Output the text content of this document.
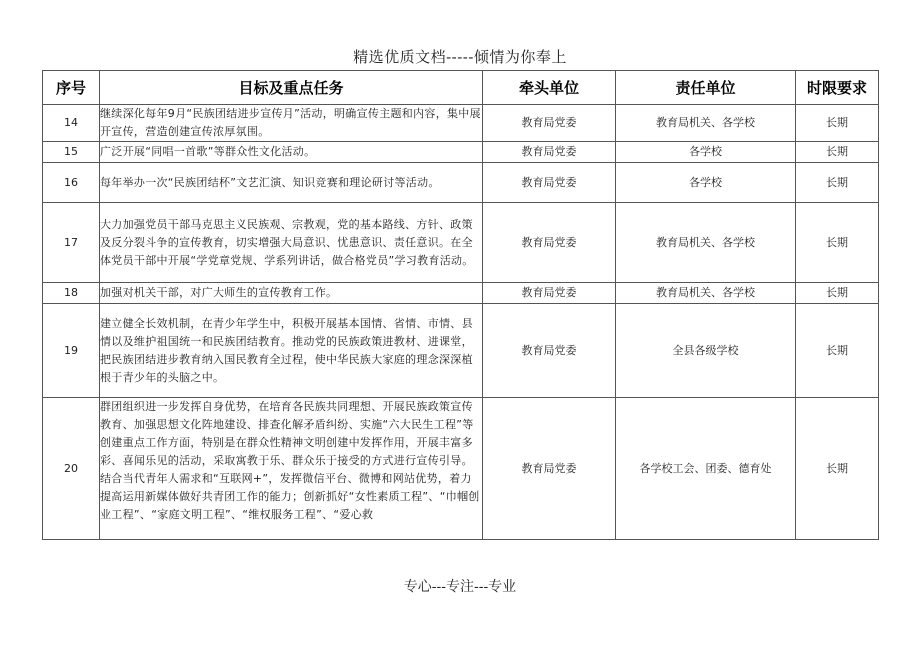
精选优质文档-----倾情为你奉上
序号	目标及重点任务	牵头单位	责任单位	时限要求
14	继续深化每年9月“民族团结进步宣传月”活动，明确宣传主题和内容，集中展开宣传，营造创建宣传浓厚氛围。	教育局党委	教育局机关、各学校	长期
15	广泛开展“同唱一首歌”等群众性文化活动。	教育局党委	各学校	长期
16	每年举办一次“民族团结杯”文艺汇演、知识竞赛和理论研讨等活动。	教育局党委	各学校	长期
17	大力加强党员干部马克思主义民族观、宗教观，党的基本路线、方针、政策及反分裂斗争的宣传教育，切实增强大局意识、忧患意识、责任意识。在全体党员干部中开展“学党章党规、学系列讲话，做合格党员”学习教育活动。	教育局党委	教育局机关、各学校	长期
18	加强对机关干部，对广大师生的宣传教育工作。	教育局党委	教育局机关、各学校	长期
19	建立健全长效机制，在青少年学生中，积极开展基本国情、省情、市情、县情以及维护祖国统一和民族团结教育。推动党的民族政策进教材、进课堂，把民族团结进步教育纳入国民教育全过程，使中华民族大家庭的理念深深植根于青少年的头脑之中。	教育局党委	全县各级学校	长期
20	群团组织进一步发挥自身优势，在培育各民族共同理想、开展民族政策宣传教育、加强思想文化阵地建设、排查化解矛盾纠纷、实施“六大民生工程”等创建重点工作方面，特别是在群众性精神文明创建中发挥作用，开展丰富多彩、喜闻乐见的活动，采取寓教于乐、群众乐于接受的方式进行宣传引导。结合当代青年人需求和“互联网+”，发挥微信平台、微博和网站优势，着力提高运用新媒体做好共青团工作的能力；创新抓好“女性素质工程”、“巾帼创业工程”、“家庭文明工程”、“维权服务工程”、“爱心救	教育局党委	各学校工会、团委、德育处	长期
专心---专注---专业
